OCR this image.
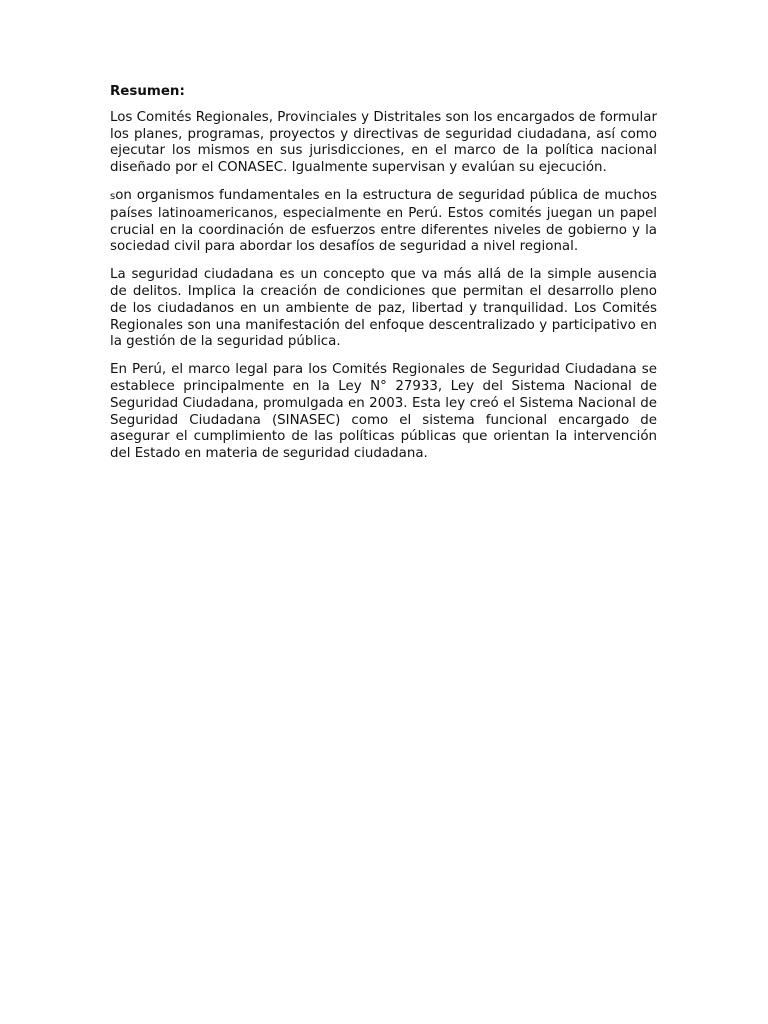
Resumen:

Los Comités Regionales, Provinciales y Distritales son los encargados de formular los planes, programas, proyectos y directivas de seguridad ciudadana, así como ejecutar los mismos en sus jurisdicciones, en el marco de la política nacional diseñado por el CONASEC. Igualmente supervisan y evalúan su ejecución.

son organismos fundamentales en la estructura de seguridad pública de muchos países latinoamericanos, especialmente en Perú. Estos comités juegan un papel crucial en la coordinación de esfuerzos entre diferentes niveles de gobierno y la sociedad civil para abordar los desafíos de seguridad a nivel regional.

La seguridad ciudadana es un concepto que va más allá de la simple ausencia de delitos. Implica la creación de condiciones que permitan el desarrollo pleno de los ciudadanos en un ambiente de paz, libertad y tranquilidad. Los Comités Regionales son una manifestación del enfoque descentralizado y participativo en la gestión de la seguridad pública.

En Perú, el marco legal para los Comités Regionales de Seguridad Ciudadana se establece principalmente en la Ley N° 27933, Ley del Sistema Nacional de Seguridad Ciudadana, promulgada en 2003. Esta ley creó el Sistema Nacional de Seguridad Ciudadana (SINASEC) como el sistema funcional encargado de asegurar el cumplimiento de las políticas públicas que orientan la intervención del Estado en materia de seguridad ciudadana.
